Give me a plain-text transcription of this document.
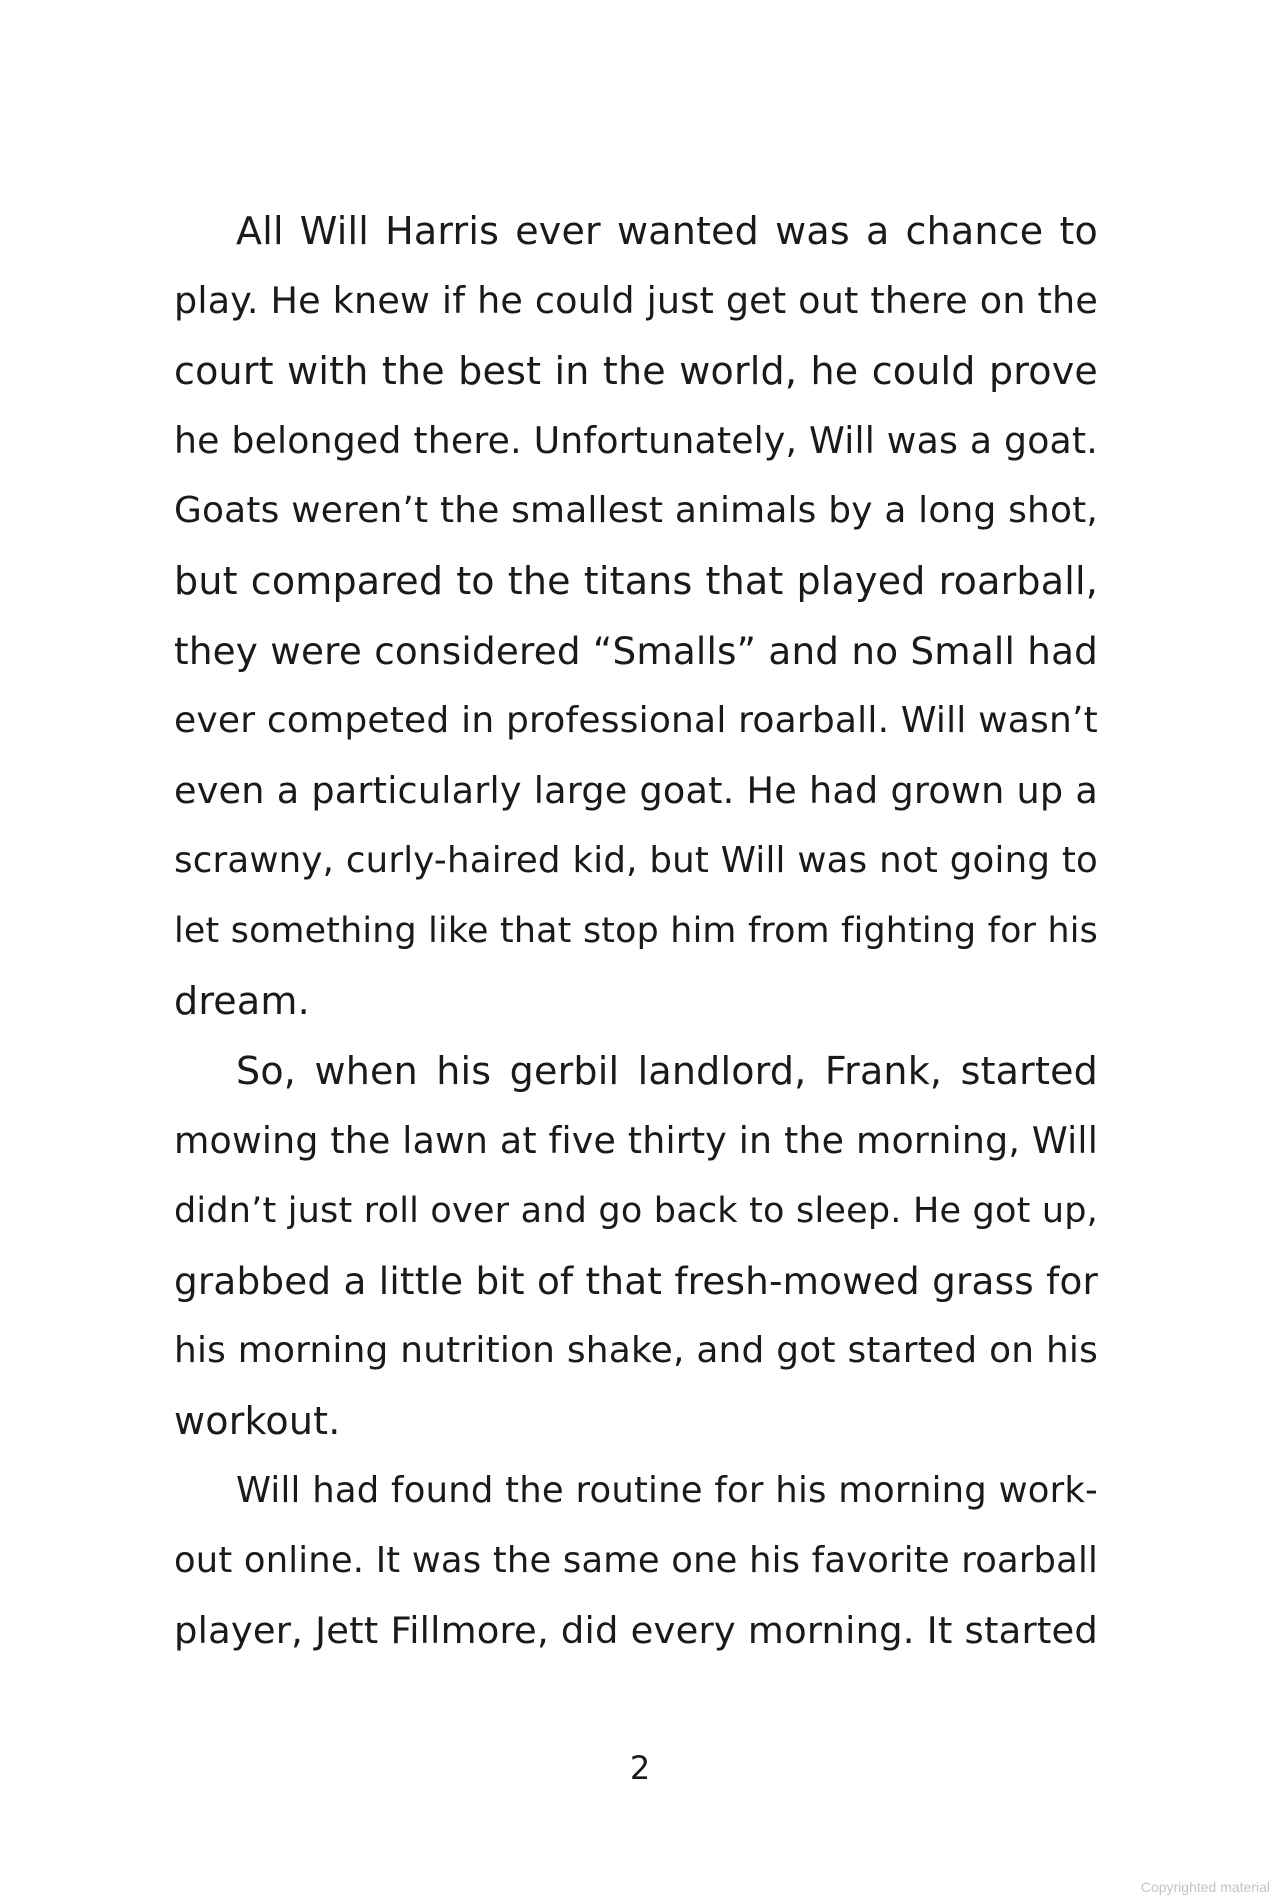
All Will Harris ever wanted was a chance to
play. He knew if he could just get out there on the
court with the best in the world, he could prove
he belonged there. Unfortunately, Will was a goat.
Goats weren’t the smallest animals by a long shot,
but compared to the titans that played roarball,
they were considered “Smalls” and no Small had
ever competed in professional roarball. Will wasn’t
even a particularly large goat. He had grown up a
scrawny, curly-haired kid, but Will was not going to
let something like that stop him from fighting for his
dream.
So, when his gerbil landlord, Frank, started
mowing the lawn at five thirty in the morning, Will
didn’t just roll over and go back to sleep. He got up,
grabbed a little bit of that fresh-mowed grass for
his morning nutrition shake, and got started on his
workout.
Will had found the routine for his morning work-
out online. It was the same one his favorite roarball
player, Jett Fillmore, did every morning. It started
2
Copyrighted material
